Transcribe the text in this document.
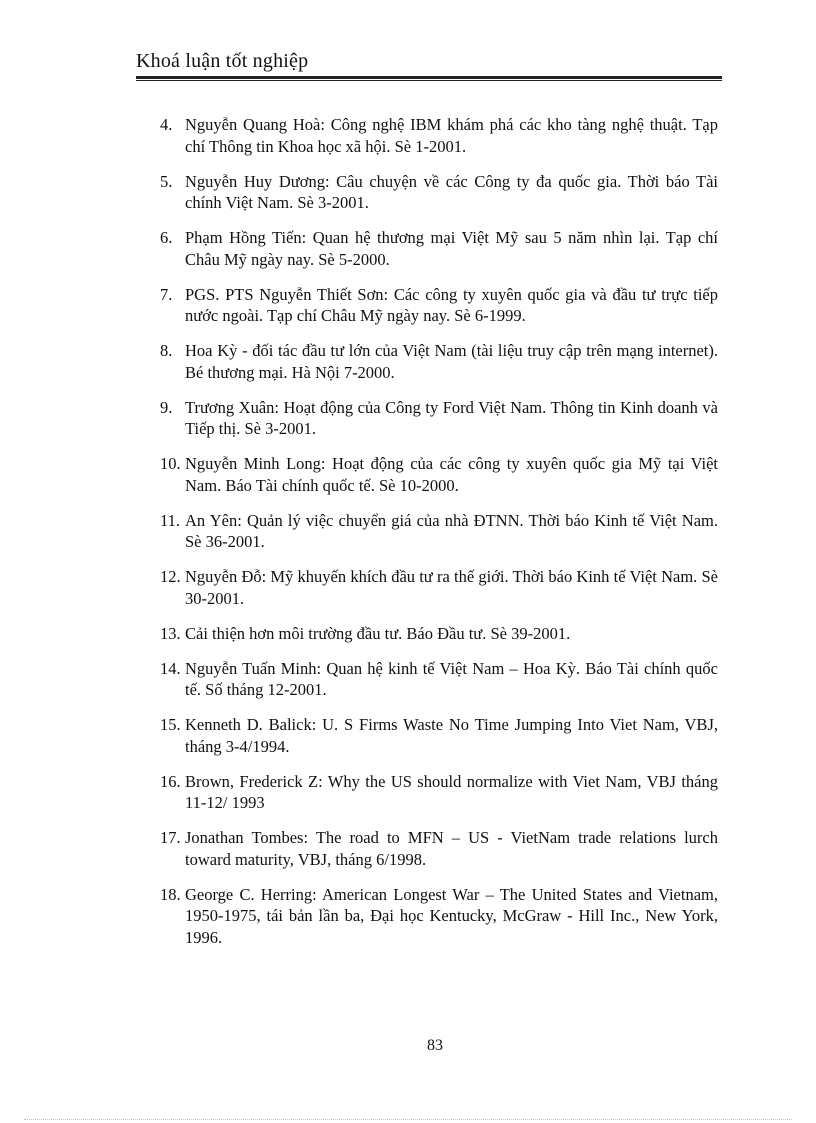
Khoá luận tốt nghiệp
4. Nguyễn Quang Hoà: Công nghệ IBM khám phá các kho tàng nghệ thuật. Tạp chí Thông tin Khoa học xã hội. Sè 1-2001.
5. Nguyễn Huy Dương: Câu chuyện về các Công ty đa quốc gia. Thời báo Tài chính Việt Nam. Sè 3-2001.
6. Phạm Hồng Tiến: Quan hệ thương mại Việt Mỹ sau 5 năm nhìn lại. Tạp chí Châu Mỹ ngày nay. Sè 5-2000.
7. PGS. PTS Nguyễn Thiết Sơn: Các công ty xuyên quốc gia và đầu tư trực tiếp nước ngoài. Tạp chí Châu Mỹ ngày nay. Sè 6-1999.
8. Hoa Kỳ - đối tác đầu tư lớn của Việt Nam (tài liệu truy cập trên mạng internet). Bé thương mại. Hà Nội 7-2000.
9. Trương Xuân: Hoạt động của Công ty Ford Việt Nam. Thông tin Kinh doanh và Tiếp thị. Sè 3-2001.
10. Nguyễn Minh Long: Hoạt động của các công ty xuyên quốc gia Mỹ tại Việt Nam. Báo Tài chính quốc tế. Sè 10-2000.
11. An Yên: Quản lý việc chuyển giá của nhà ĐTNN. Thời báo Kinh tế Việt Nam. Sè 36-2001.
12. Nguyễn Đỗ: Mỹ khuyến khích đầu tư ra thế giới. Thời báo Kinh tế Việt Nam. Sè 30-2001.
13. Cải thiện hơn môi trường đầu tư. Báo Đầu tư. Sè 39-2001.
14. Nguyễn Tuấn Minh: Quan hệ kinh tế Việt Nam – Hoa Kỳ. Báo Tài chính quốc tế. Số tháng 12-2001.
15. Kenneth D. Balick: U. S Firms Waste No Time Jumping Into Viet Nam, VBJ, tháng 3-4/1994.
16. Brown, Frederick Z: Why the US should normalize with Viet Nam, VBJ tháng 11-12/ 1993
17. Jonathan Tombes: The road to MFN – US - VietNam trade relations lurch toward maturity, VBJ, tháng 6/1998.
18. George C. Herring: American Longest War – The United States and Vietnam, 1950-1975, tái bản lần ba, Đại học Kentucky, McGraw - Hill Inc., New York, 1996.
83
